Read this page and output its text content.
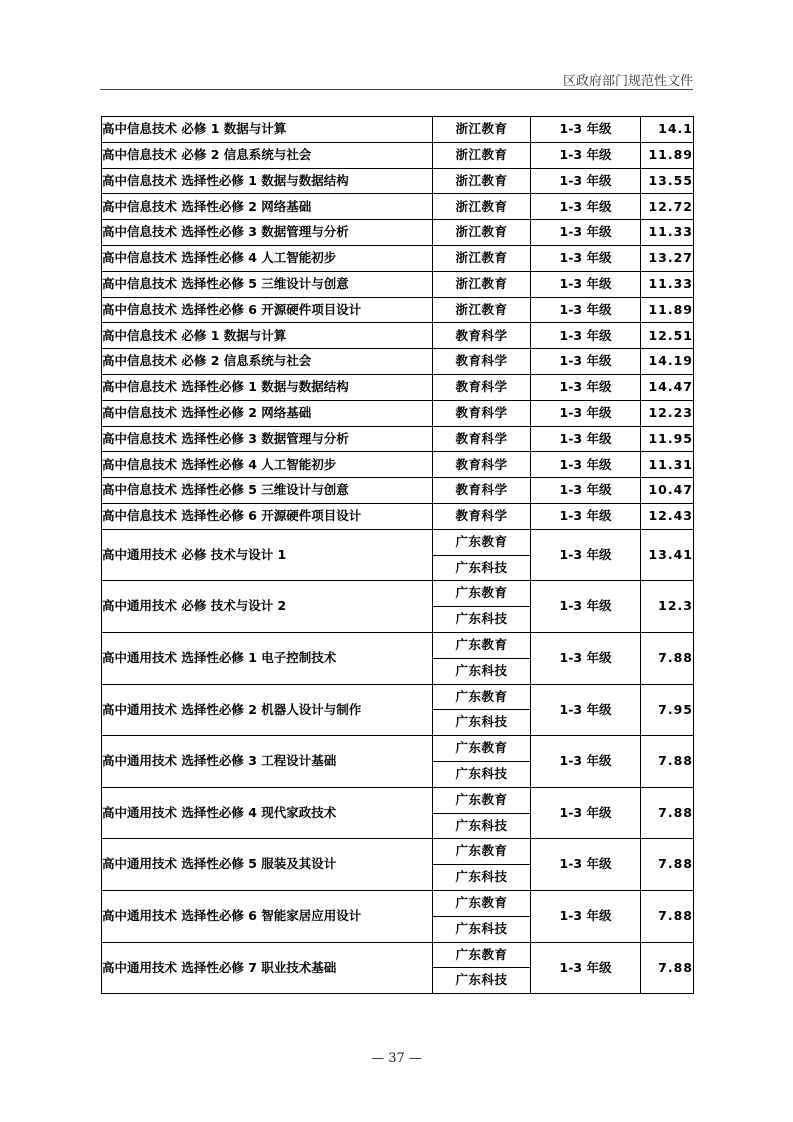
区政府部门规范性文件
高中信息技术 必修 1 数据与计算	浙江教育	1-3 年级	14.1
高中信息技术 必修 2 信息系统与社会	浙江教育	1-3 年级	11.89
高中信息技术 选择性必修 1 数据与数据结构	浙江教育	1-3 年级	13.55
高中信息技术 选择性必修 2 网络基础	浙江教育	1-3 年级	12.72
高中信息技术 选择性必修 3 数据管理与分析	浙江教育	1-3 年级	11.33
高中信息技术 选择性必修 4 人工智能初步	浙江教育	1-3 年级	13.27
高中信息技术 选择性必修 5 三维设计与创意	浙江教育	1-3 年级	11.33
高中信息技术 选择性必修 6 开源硬件项目设计	浙江教育	1-3 年级	11.89
高中信息技术 必修 1 数据与计算	教育科学	1-3 年级	12.51
高中信息技术 必修 2 信息系统与社会	教育科学	1-3 年级	14.19
高中信息技术 选择性必修 1 数据与数据结构	教育科学	1-3 年级	14.47
高中信息技术 选择性必修 2 网络基础	教育科学	1-3 年级	12.23
高中信息技术 选择性必修 3 数据管理与分析	教育科学	1-3 年级	11.95
高中信息技术 选择性必修 4 人工智能初步	教育科学	1-3 年级	11.31
高中信息技术 选择性必修 5 三维设计与创意	教育科学	1-3 年级	10.47
高中信息技术 选择性必修 6 开源硬件项目设计	教育科学	1-3 年级	12.43
高中通用技术 必修 技术与设计 1	广东教育	1-3 年级	13.41
	广东科技		
高中通用技术 必修 技术与设计 2	广东教育	1-3 年级	12.3
	广东科技		
高中通用技术 选择性必修 1 电子控制技术	广东教育	1-3 年级	7.88
	广东科技		
高中通用技术 选择性必修 2 机器人设计与制作	广东教育	1-3 年级	7.95
	广东科技		
高中通用技术 选择性必修 3 工程设计基础	广东教育	1-3 年级	7.88
	广东科技		
高中通用技术 选择性必修 4 现代家政技术	广东教育	1-3 年级	7.88
	广东科技		
高中通用技术 选择性必修 5 服装及其设计	广东教育	1-3 年级	7.88
	广东科技		
高中通用技术 选择性必修 6 智能家居应用设计	广东教育	1-3 年级	7.88
	广东科技		
高中通用技术 选择性必修 7 职业技术基础	广东教育	1-3 年级	7.88
	广东科技		
— 37 —
